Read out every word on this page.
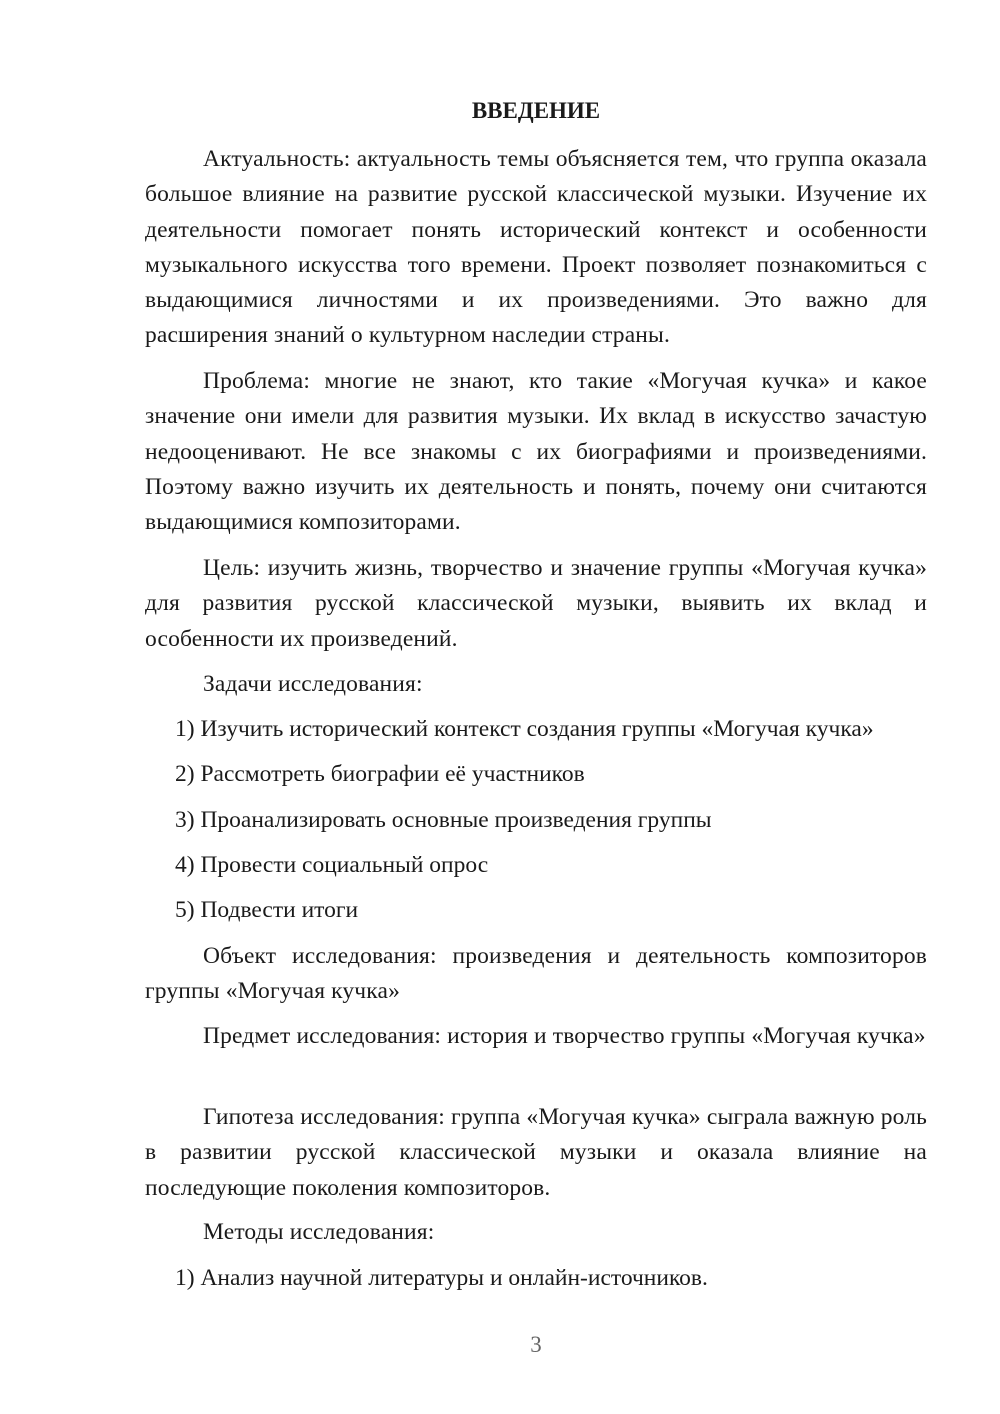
ВВЕДЕНИЕ

Актуальность: актуальность темы объясняется тем, что группа оказала большое влияние на развитие русской классической музыки. Изучение их деятельности помогает понять исторический контекст и особенности музыкального искусства того времени. Проект позволяет познакомиться с выдающимися личностями и их произведениями. Это важно для расширения знаний о культурном наследии страны.

Проблема: многие не знают, кто такие «Могучая кучка» и какое значение они имели для развития музыки. Их вклад в искусство зачастую недооценивают. Не все знакомы с их биографиями и произведениями. Поэтому важно изучить их деятельность и понять, почему они считаются выдающимися композиторами.

Цель: изучить жизнь, творчество и значение группы «Могучая кучка» для развития русской классической музыки, выявить их вклад и особенности их произведений.

Задачи исследования:

1) Изучить исторический контекст создания группы «Могучая кучка»

2) Рассмотреть биографии её участников

3) Проанализировать основные произведения группы

4) Провести социальный опрос

5) Подвести итоги

Объект исследования: произведения и деятельность композиторов группы «Могучая кучка»

Предмет исследования: история и творчество группы «Могучая кучка»

Гипотеза исследования: группа «Могучая кучка» сыграла важную роль в развитии русской классической музыки и оказала влияние на последующие поколения композиторов.

Методы исследования:

1) Анализ научной литературы и онлайн-источников.

3
